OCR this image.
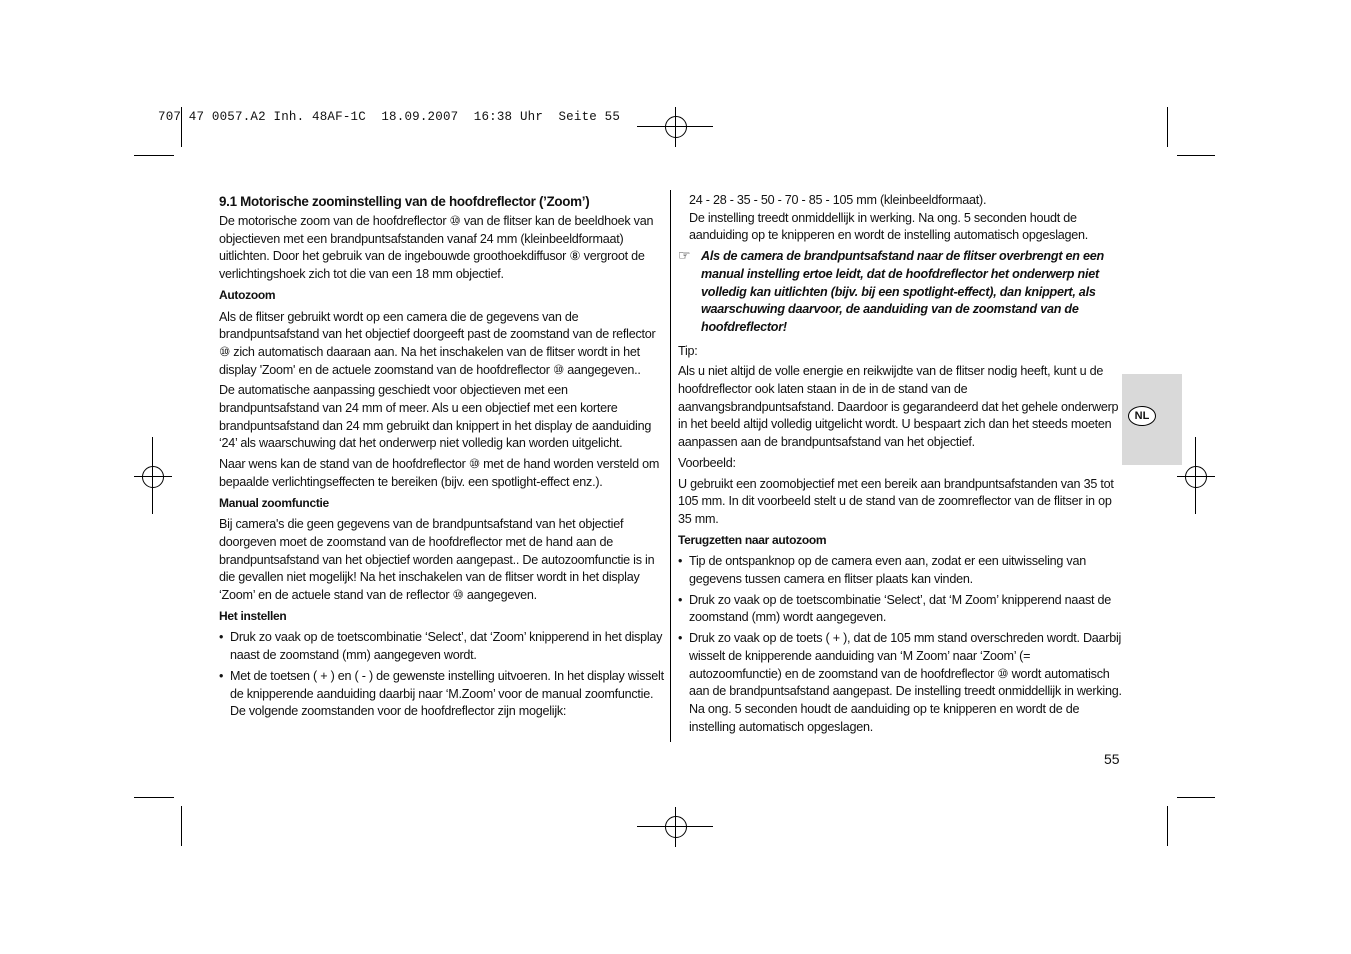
707 47 0057.A2 Inh. 48AF-1C  18.09.2007  16:38 Uhr  Seite 55
9.1 Motorische zoominstelling van de hoofdreflector (’Zoom’)

De motorische zoom van de hoofdreflector ⑩ van de flitser kan de beeldhoek van objectieven met een brandpuntsafstanden vanaf 24 mm (kleinbeeldformaat) uitlichten. Door het gebruik van de ingebouwde groothoekdiffusor ⑧ vergroot de verlichtingshoek zich tot die van een 18 mm objectief.

Autozoom

Als de flitser gebruikt wordt op een camera die de gegevens van de brandpuntsafstand van het objectief doorgeeft past de zoomstand van de reflector ⑩ zich automatisch daaraan aan. Na het inschakelen van de flitser wordt in het display 'Zoom' en de actuele zoomstand van de hoofdreflector ⑩ aangegeven..

De automatische aanpassing geschiedt voor objectieven met een brandpuntsafstand van 24 mm of meer. Als u een objectief met een kortere brandpuntsafstand dan 24 mm gebruikt dan knippert in het display de aanduiding ‘24’ als waarschuwing dat het onderwerp niet volledig kan worden uitgelicht.

Naar wens kan de stand van de hoofdreflector ⑩ met de hand worden versteld om bepaalde verlichtingseffecten te bereiken (bijv. een spotlight-effect enz.).

Manual zoomfunctie

Bij camera's die geen gegevens van de brandpuntsafstand van het objectief doorgeven moet de zoomstand van de hoofdreflector met de hand aan de brandpuntsafstand van het objectief worden aangepast.. De autozoomfunctie is in die gevallen niet mogelijk! Na het inschakelen van de flitser wordt in het display ‘Zoom’ en de actuele stand van de reflector ⑩ aangegeven.

Het instellen
• Druk zo vaak op de toetscombinatie ‘Select’, dat ‘Zoom’ knipperend in het display naast de zoomstand (mm) aangegeven wordt.
• Met de toetsen ( + ) en ( - ) de gewenste instelling uitvoeren. In het display wisselt de knipperende aanduiding daarbij naar ‘M.Zoom’ voor de manual zoomfunctie. De volgende zoomstanden voor de hoofdreflector zijn mogelijk:

24 - 28 - 35 - 50 - 70 - 85 - 105 mm (kleinbeeldformaat).

De instelling treedt onmiddellijk in werking. Na ong. 5 seconden houdt de aanduiding op te knipperen en wordt de instelling automatisch opgeslagen.

☞ Als de camera de brandpuntsafstand naar de flitser overbrengt en een manual instelling ertoe leidt, dat de hoofdreflector het onderwerp niet volledig kan uitlichten (bijv. bij een spotlight-effect), dan knippert, als waarschuwing daarvoor, de aanduiding van de zoomstand van de hoofdreflector!

Tip:

Als u niet altijd de volle energie en reikwijdte van de flitser nodig heeft, kunt u de hoofdreflector ook laten staan in de in de stand van de aanvangsbrandpuntsafstand. Daardoor is gegarandeerd dat het gehele onderwerp in het beeld altijd volledig uitgelicht wordt. U bespaart zich dan het steeds moeten aanpassen aan de brandpuntsafstand van het objectief.

Voorbeeld:

U gebruikt een zoomobjectief met een bereik aan brandpuntsafstanden van 35 tot 105 mm. In dit voorbeeld stelt u de stand van de zoomreflector van de flitser in op 35 mm.

Terugzetten naar autozoom
• Tip de ontspanknop op de camera even aan, zodat er een uitwisseling van gegevens tussen camera en flitser plaats kan vinden.
• Druk zo vaak op de toetscombinatie ‘Select’, dat ‘M Zoom’ knipperend naast de zoomstand (mm) wordt aangegeven.
• Druk zo vaak op de toets ( + ), dat de 105 mm stand overschreden wordt. Daarbij wisselt de knipperende aanduiding van ‘M Zoom’ naar ‘Zoom’ (= autozoomfunctie) en de zoomstand van de hoofdreflector ⑩ wordt automatisch aan de brandpuntsafstand aangepast. De instelling treedt onmiddellijk in werking. Na ong. 5 seconden houdt de aanduiding op te knipperen en wordt de de instelling automatisch opgeslagen.
NL
55
